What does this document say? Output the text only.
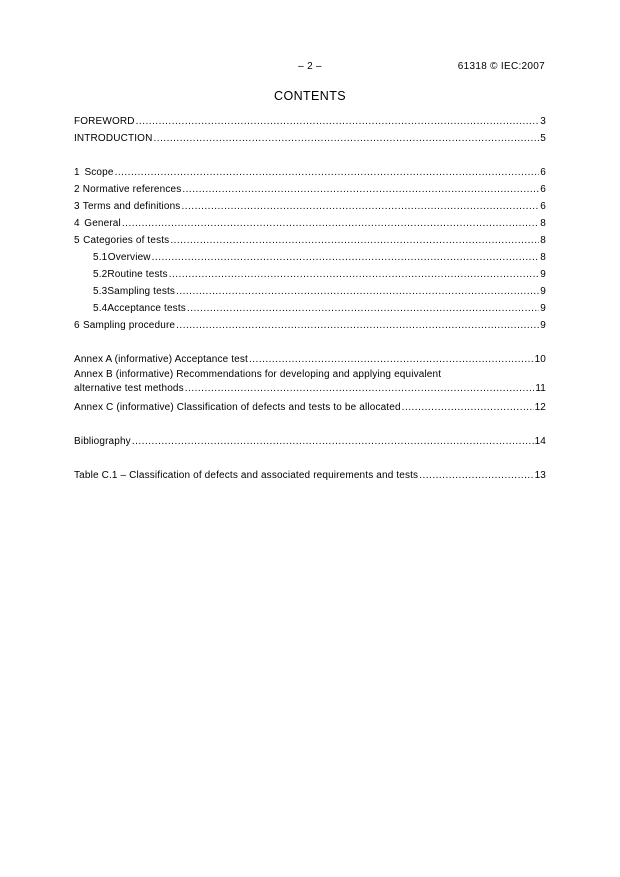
– 2 –	61318 © IEC:2007
CONTENTS
FOREWORD .....	3
INTRODUCTION .....	5
1 Scope .....	6
2 Normative references .....	6
3 Terms and definitions .....	6
4 General .....	8
5 Categories of tests .....	8
5.1 Overview .....	8
5.2 Routine tests .....	9
5.3 Sampling tests .....	9
5.4 Acceptance tests .....	9
6 Sampling procedure .....	9
Annex A (informative) Acceptance test .....	10
Annex B (informative) Recommendations for developing and applying equivalent
alternative test methods .....	11
Annex C (informative) Classification of defects and tests to be allocated .....	12
Bibliography .....	14
Table C.1 – Classification of defects and associated requirements and tests .....	13
